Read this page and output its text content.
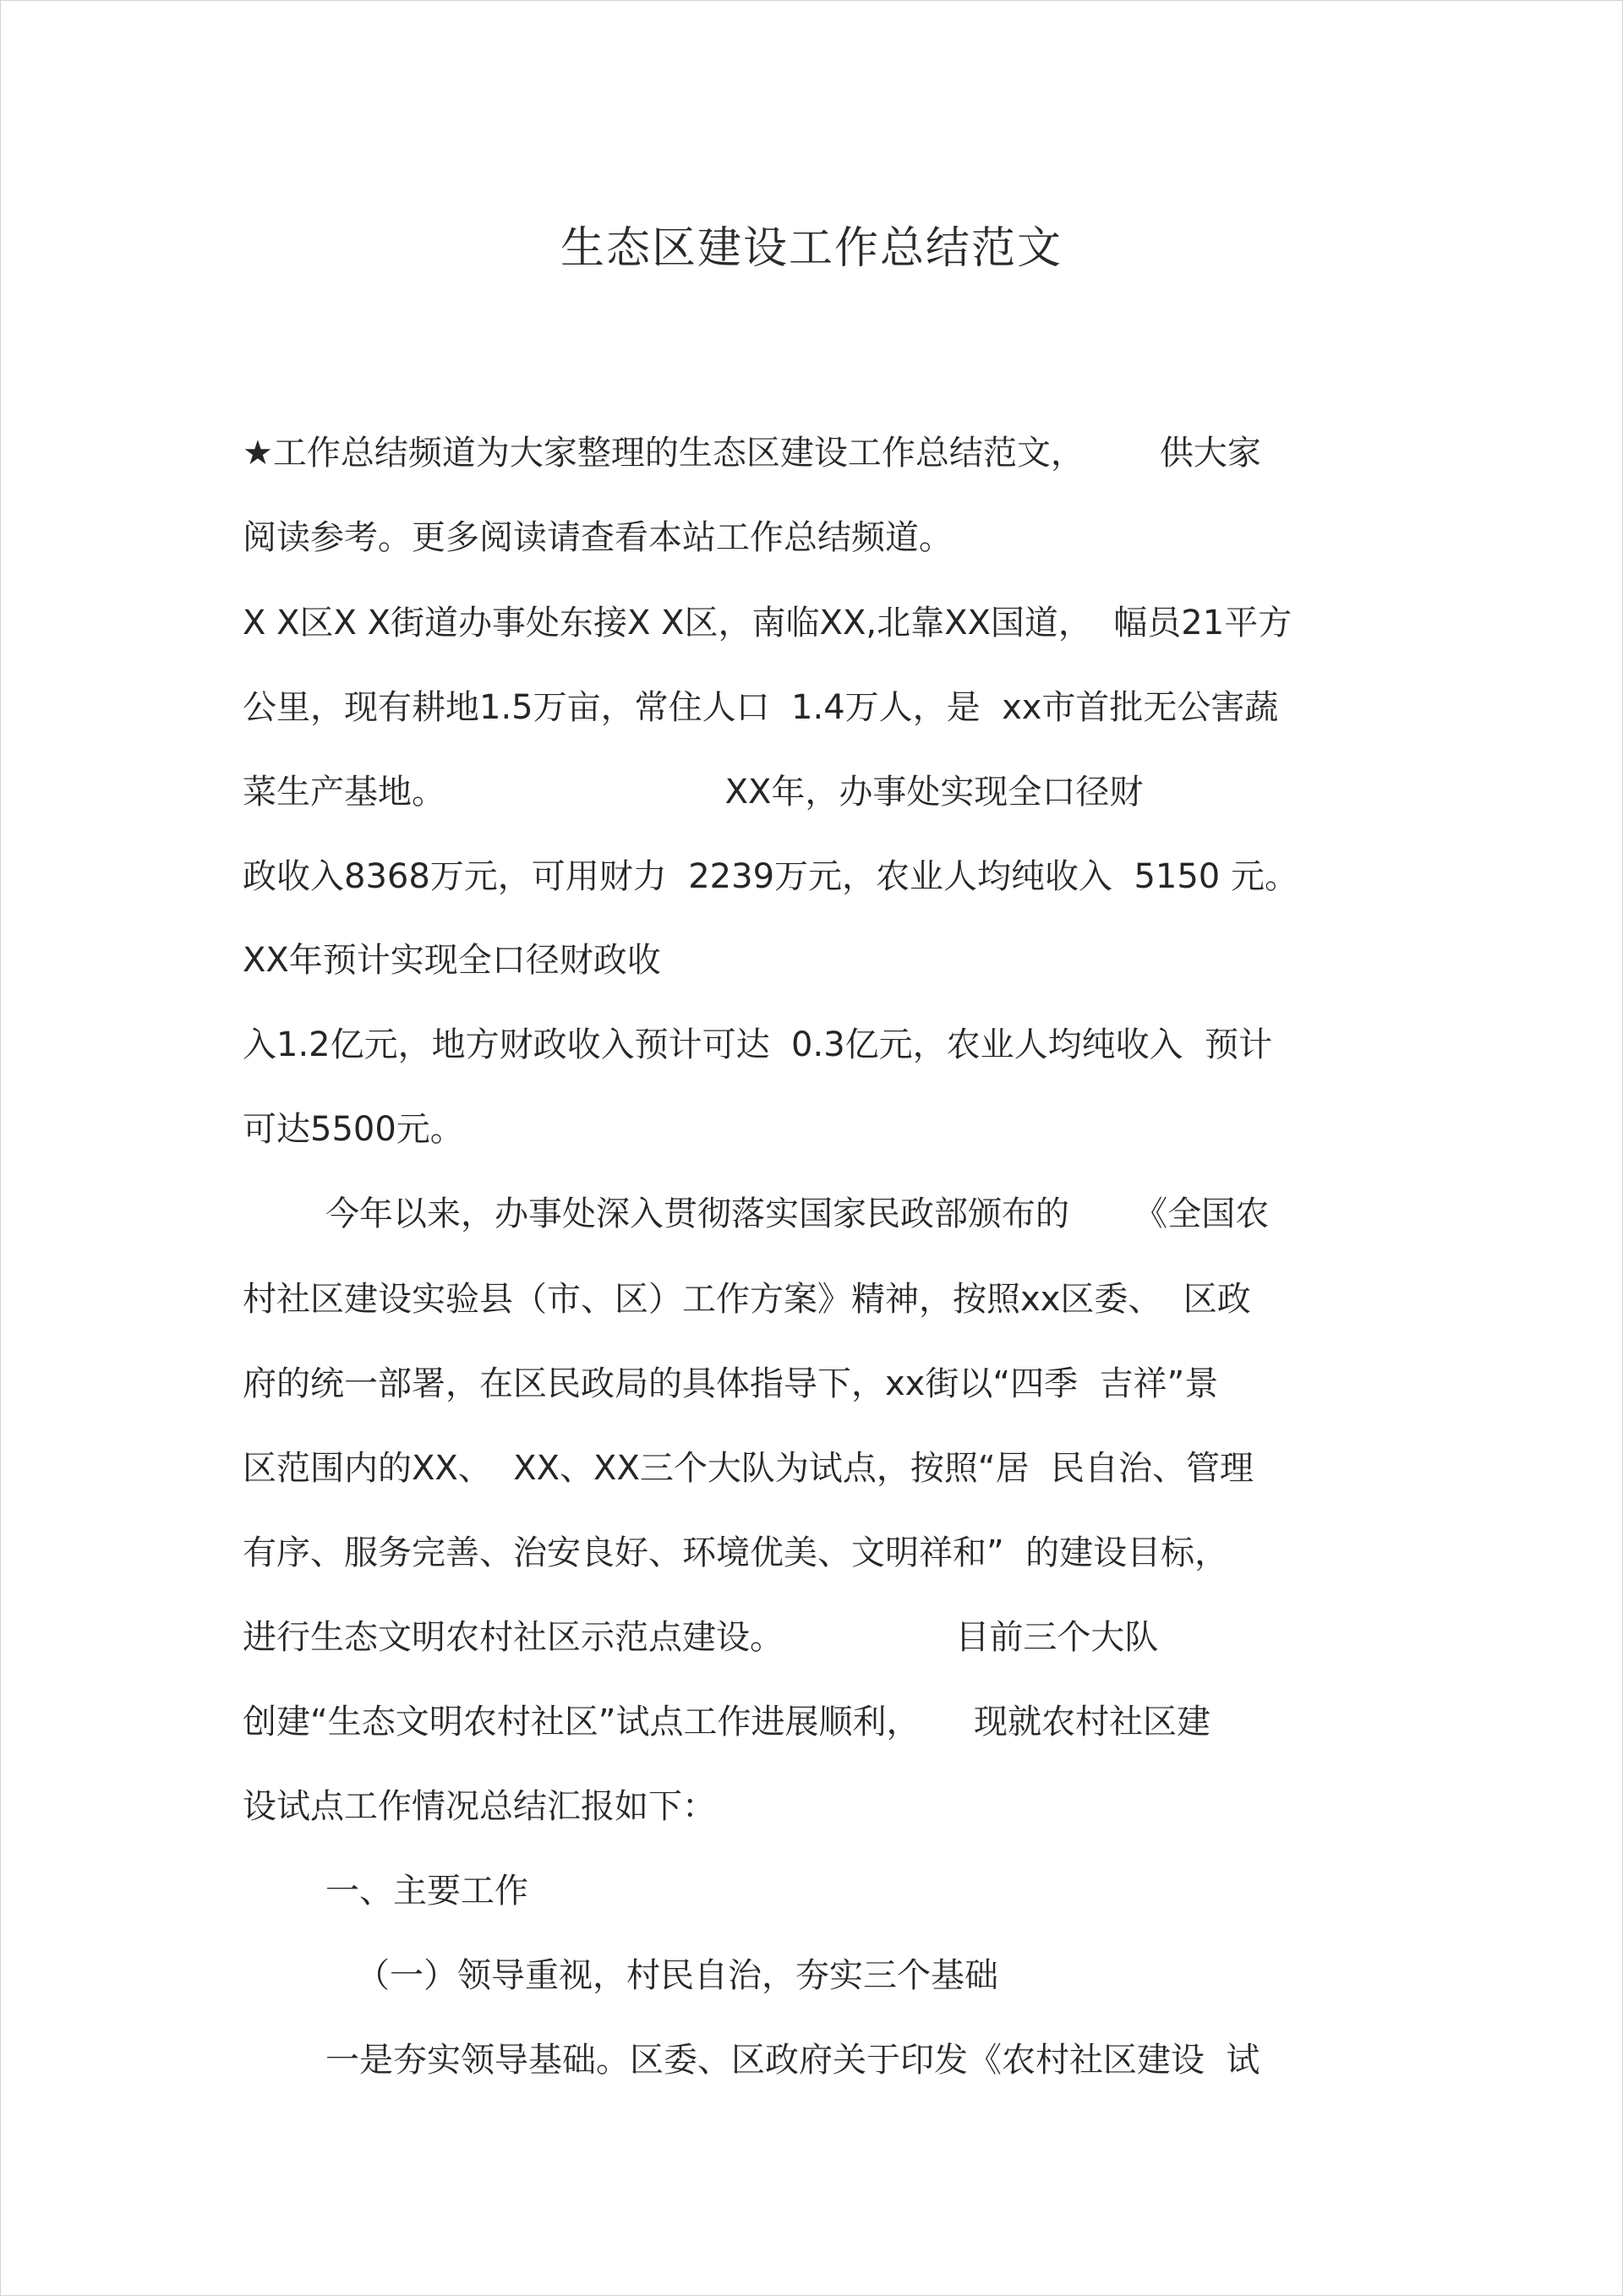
生态区建设工作总结范文
★工作总结频道为大家整理的生态区建设工作总结范文，       供大家
阅读参考。更多阅读请查看本站工作总结频道。
X X区X X街道办事处东接X X区，南临XX,北靠XX国道，  幅员21平方
公里，现有耕地1.5万亩，常住人口  1.4万人，是  xx市首批无公害蔬
菜生产基地。                          XX年，办事处实现全口径财
政收入8368万元，可用财力  2239万元，农业人均纯收入  5150 元。
XX年预计实现全口径财政收
入1.2亿元，地方财政收入预计可达  0.3亿元，农业人均纯收入  预计
可达5500元。
今年以来，办事处深入贯彻落实国家民政部颁布的      《全国农
村社区建设实验县（市、区）工作方案》精神，按照xx区委、  区政
府的统一部署，在区民政局的具体指导下，xx街以“四季  吉祥”景
区范围内的XX、  XX、XX三个大队为试点，按照“居  民自治、管理
有序、服务完善、治安良好、环境优美、文明祥和”  的建设目标，
进行生态文明农村社区示范点建设。                目前三个大队
创建“生态文明农村社区”试点工作进展顺利，     现就农村社区建
设试点工作情况总结汇报如下：
一、主要工作
（一）领导重视，村民自治，夯实三个基础
一是夯实领导基础。区委、区政府关于印发《农村社区建设  试
